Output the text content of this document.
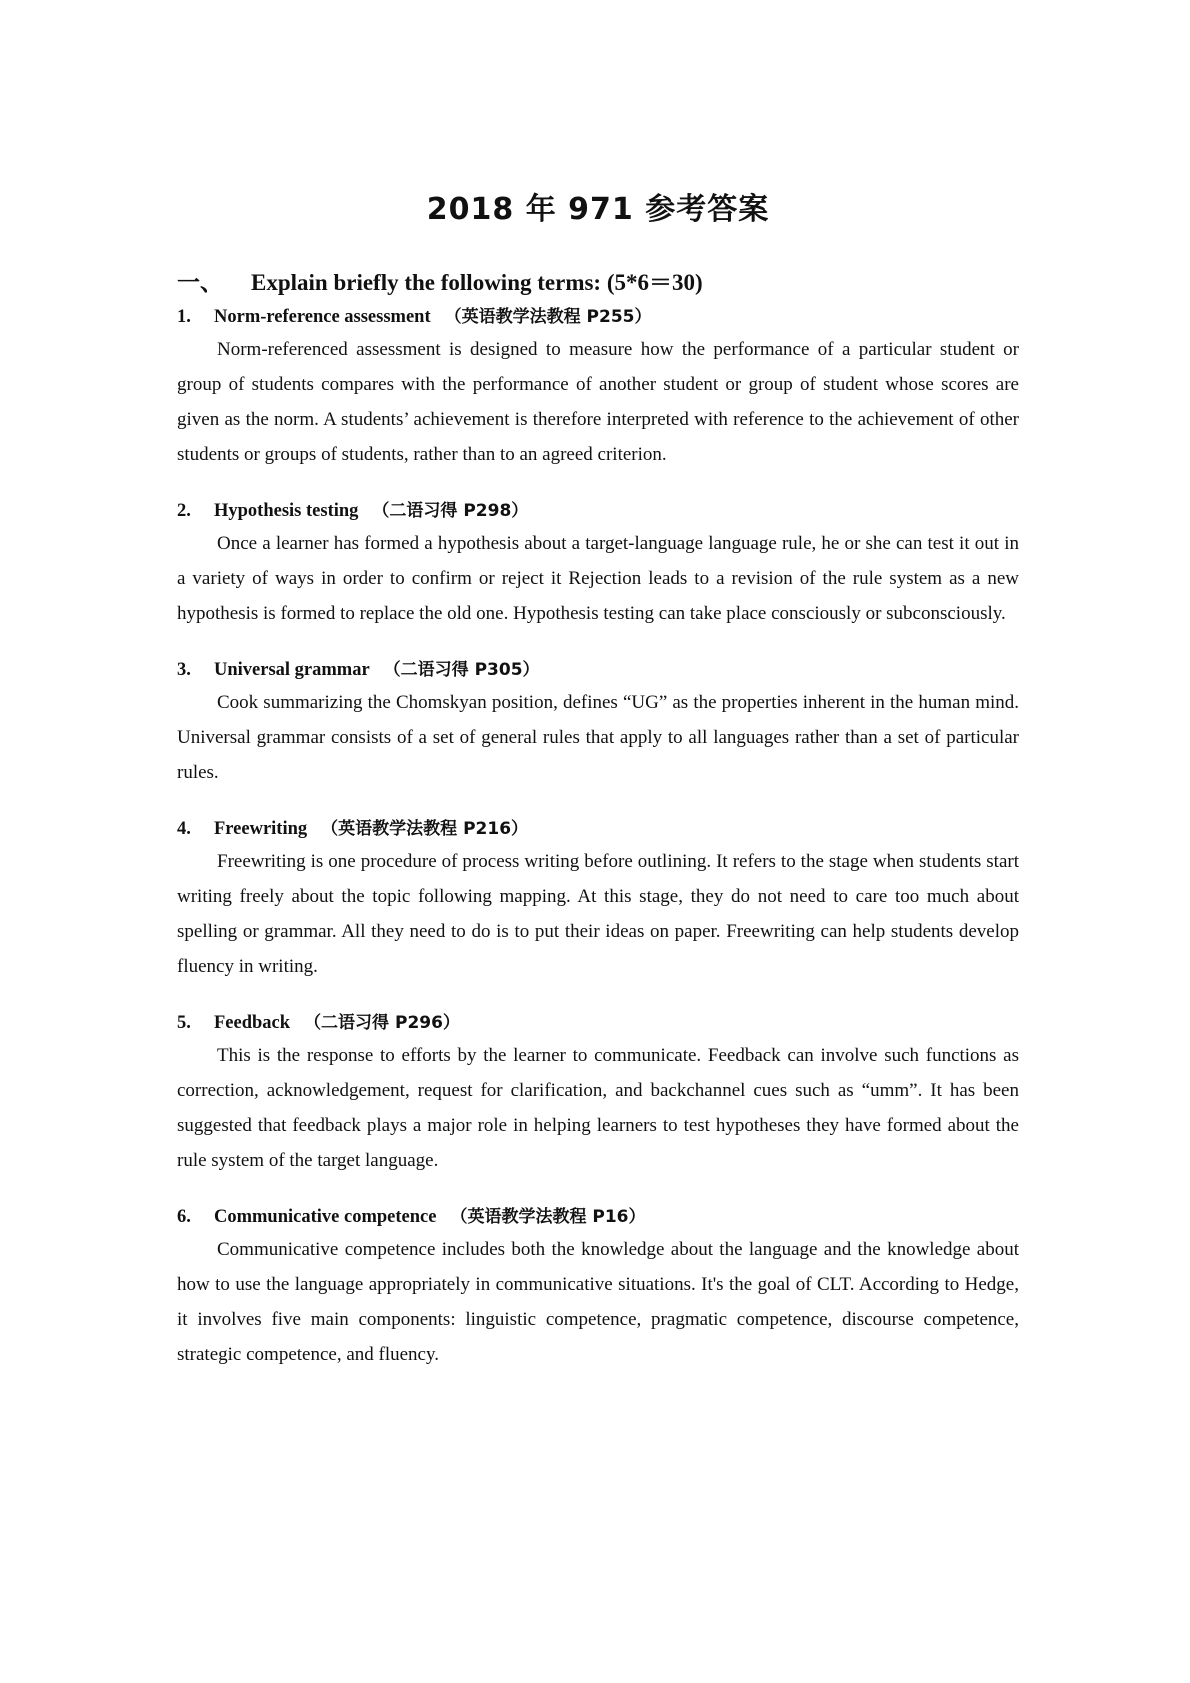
2018 年 971 参考答案
一、	Explain briefly the following terms: (5*6＝30)
1.	Norm-reference assessment （英语教学法教程 P255）

Norm-referenced assessment is designed to measure how the performance of a particular student or group of students compares with the performance of another student or group of student whose scores are given as the norm. A students’ achievement is therefore interpreted with reference to the achievement of other students or groups of students, rather than to an agreed criterion.

2.	Hypothesis testing （二语习得 P298）

Once a learner has formed a hypothesis about a target-language language rule, he or she can test it out in a variety of ways in order to confirm or reject it Rejection leads to a revision of the rule system as a new hypothesis is formed to replace the old one. Hypothesis testing can take place consciously or subconsciously.

3.	Universal grammar （二语习得 P305）

Cook summarizing the Chomskyan position, defines “UG” as the properties inherent in the human mind. Universal grammar consists of a set of general rules that apply to all languages rather than a set of particular rules.

4.	Freewriting （英语教学法教程 P216）

Freewriting is one procedure of process writing before outlining. It refers to the stage when students start writing freely about the topic following mapping. At this stage, they do not need to care too much about spelling or grammar. All they need to do is to put their ideas on paper. Freewriting can help students develop fluency in writing.

5.	Feedback （二语习得 P296）

This is the response to efforts by the learner to communicate. Feedback can involve such functions as correction, acknowledgement, request for clarification, and backchannel cues such as “umm”. It has been suggested that feedback plays a major role in helping learners to test hypotheses they have formed about the rule system of the target language.

6.	Communicative competence （英语教学法教程 P16）

Communicative competence includes both the knowledge about the language and the knowledge about how to use the language appropriately in communicative situations. It's the goal of CLT. According to Hedge, it involves five main components: linguistic competence, pragmatic competence, discourse competence, strategic competence, and fluency.
